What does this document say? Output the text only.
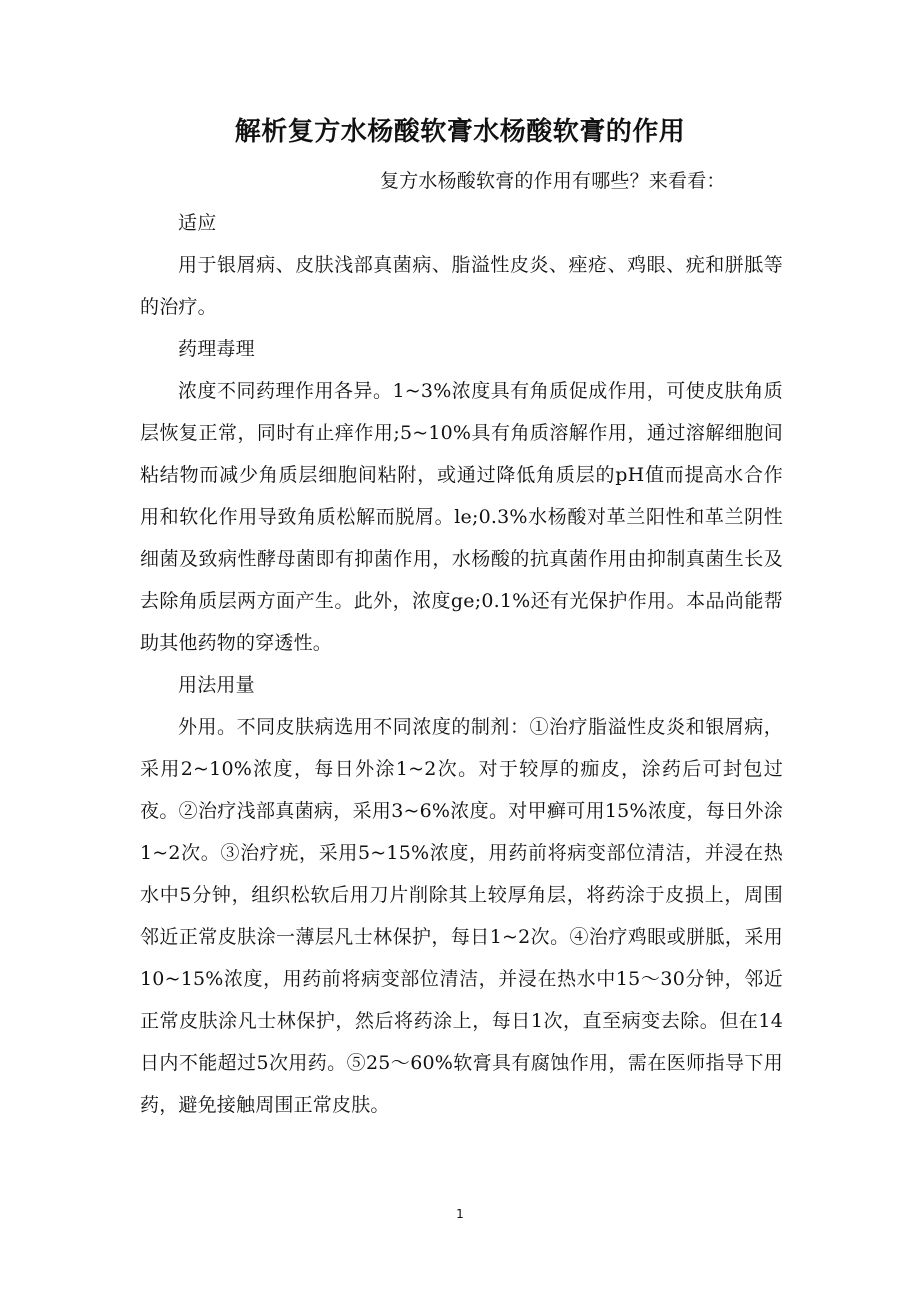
解析复方水杨酸软膏水杨酸软膏的作用

复方水杨酸软膏的作用有哪些？来看看：

适应

用于银屑病、皮肤浅部真菌病、脂溢性皮炎、痤疮、鸡眼、疣和胼胝等的治疗。

药理毒理

浓度不同药理作用各异。1~3%浓度具有角质促成作用，可使皮肤角质层恢复正常，同时有止痒作用;5~10%具有角质溶解作用，通过溶解细胞间粘结物而减少角质层细胞间粘附，或通过降低角质层的pH值而提高水合作用和软化作用导致角质松解而脱屑。le;0.3%水杨酸对革兰阳性和革兰阴性细菌及致病性酵母菌即有抑菌作用，水杨酸的抗真菌作用由抑制真菌生长及去除角质层两方面产生。此外，浓度ge;0.1%还有光保护作用。本品尚能帮助其他药物的穿透性。

用法用量

外用。不同皮肤病选用不同浓度的制剂：①治疗脂溢性皮炎和银屑病，采用2~10%浓度，每日外涂1~2次。对于较厚的痂皮，涂药后可封包过夜。②治疗浅部真菌病，采用3~6%浓度。对甲癣可用15%浓度，每日外涂1~2次。③治疗疣，采用5~15%浓度，用药前将病变部位清洁，并浸在热水中5分钟，组织松软后用刀片削除其上较厚角层，将药涂于皮损上，周围邻近正常皮肤涂一薄层凡士林保护，每日1~2次。④治疗鸡眼或胼胝，采用10~15%浓度，用药前将病变部位清洁，并浸在热水中15～30分钟，邻近正常皮肤涂凡士林保护，然后将药涂上，每日1次，直至病变去除。但在14日内不能超过5次用药。⑤25～60%软膏具有腐蚀作用，需在医师指导下用药，避免接触周围正常皮肤。

1
